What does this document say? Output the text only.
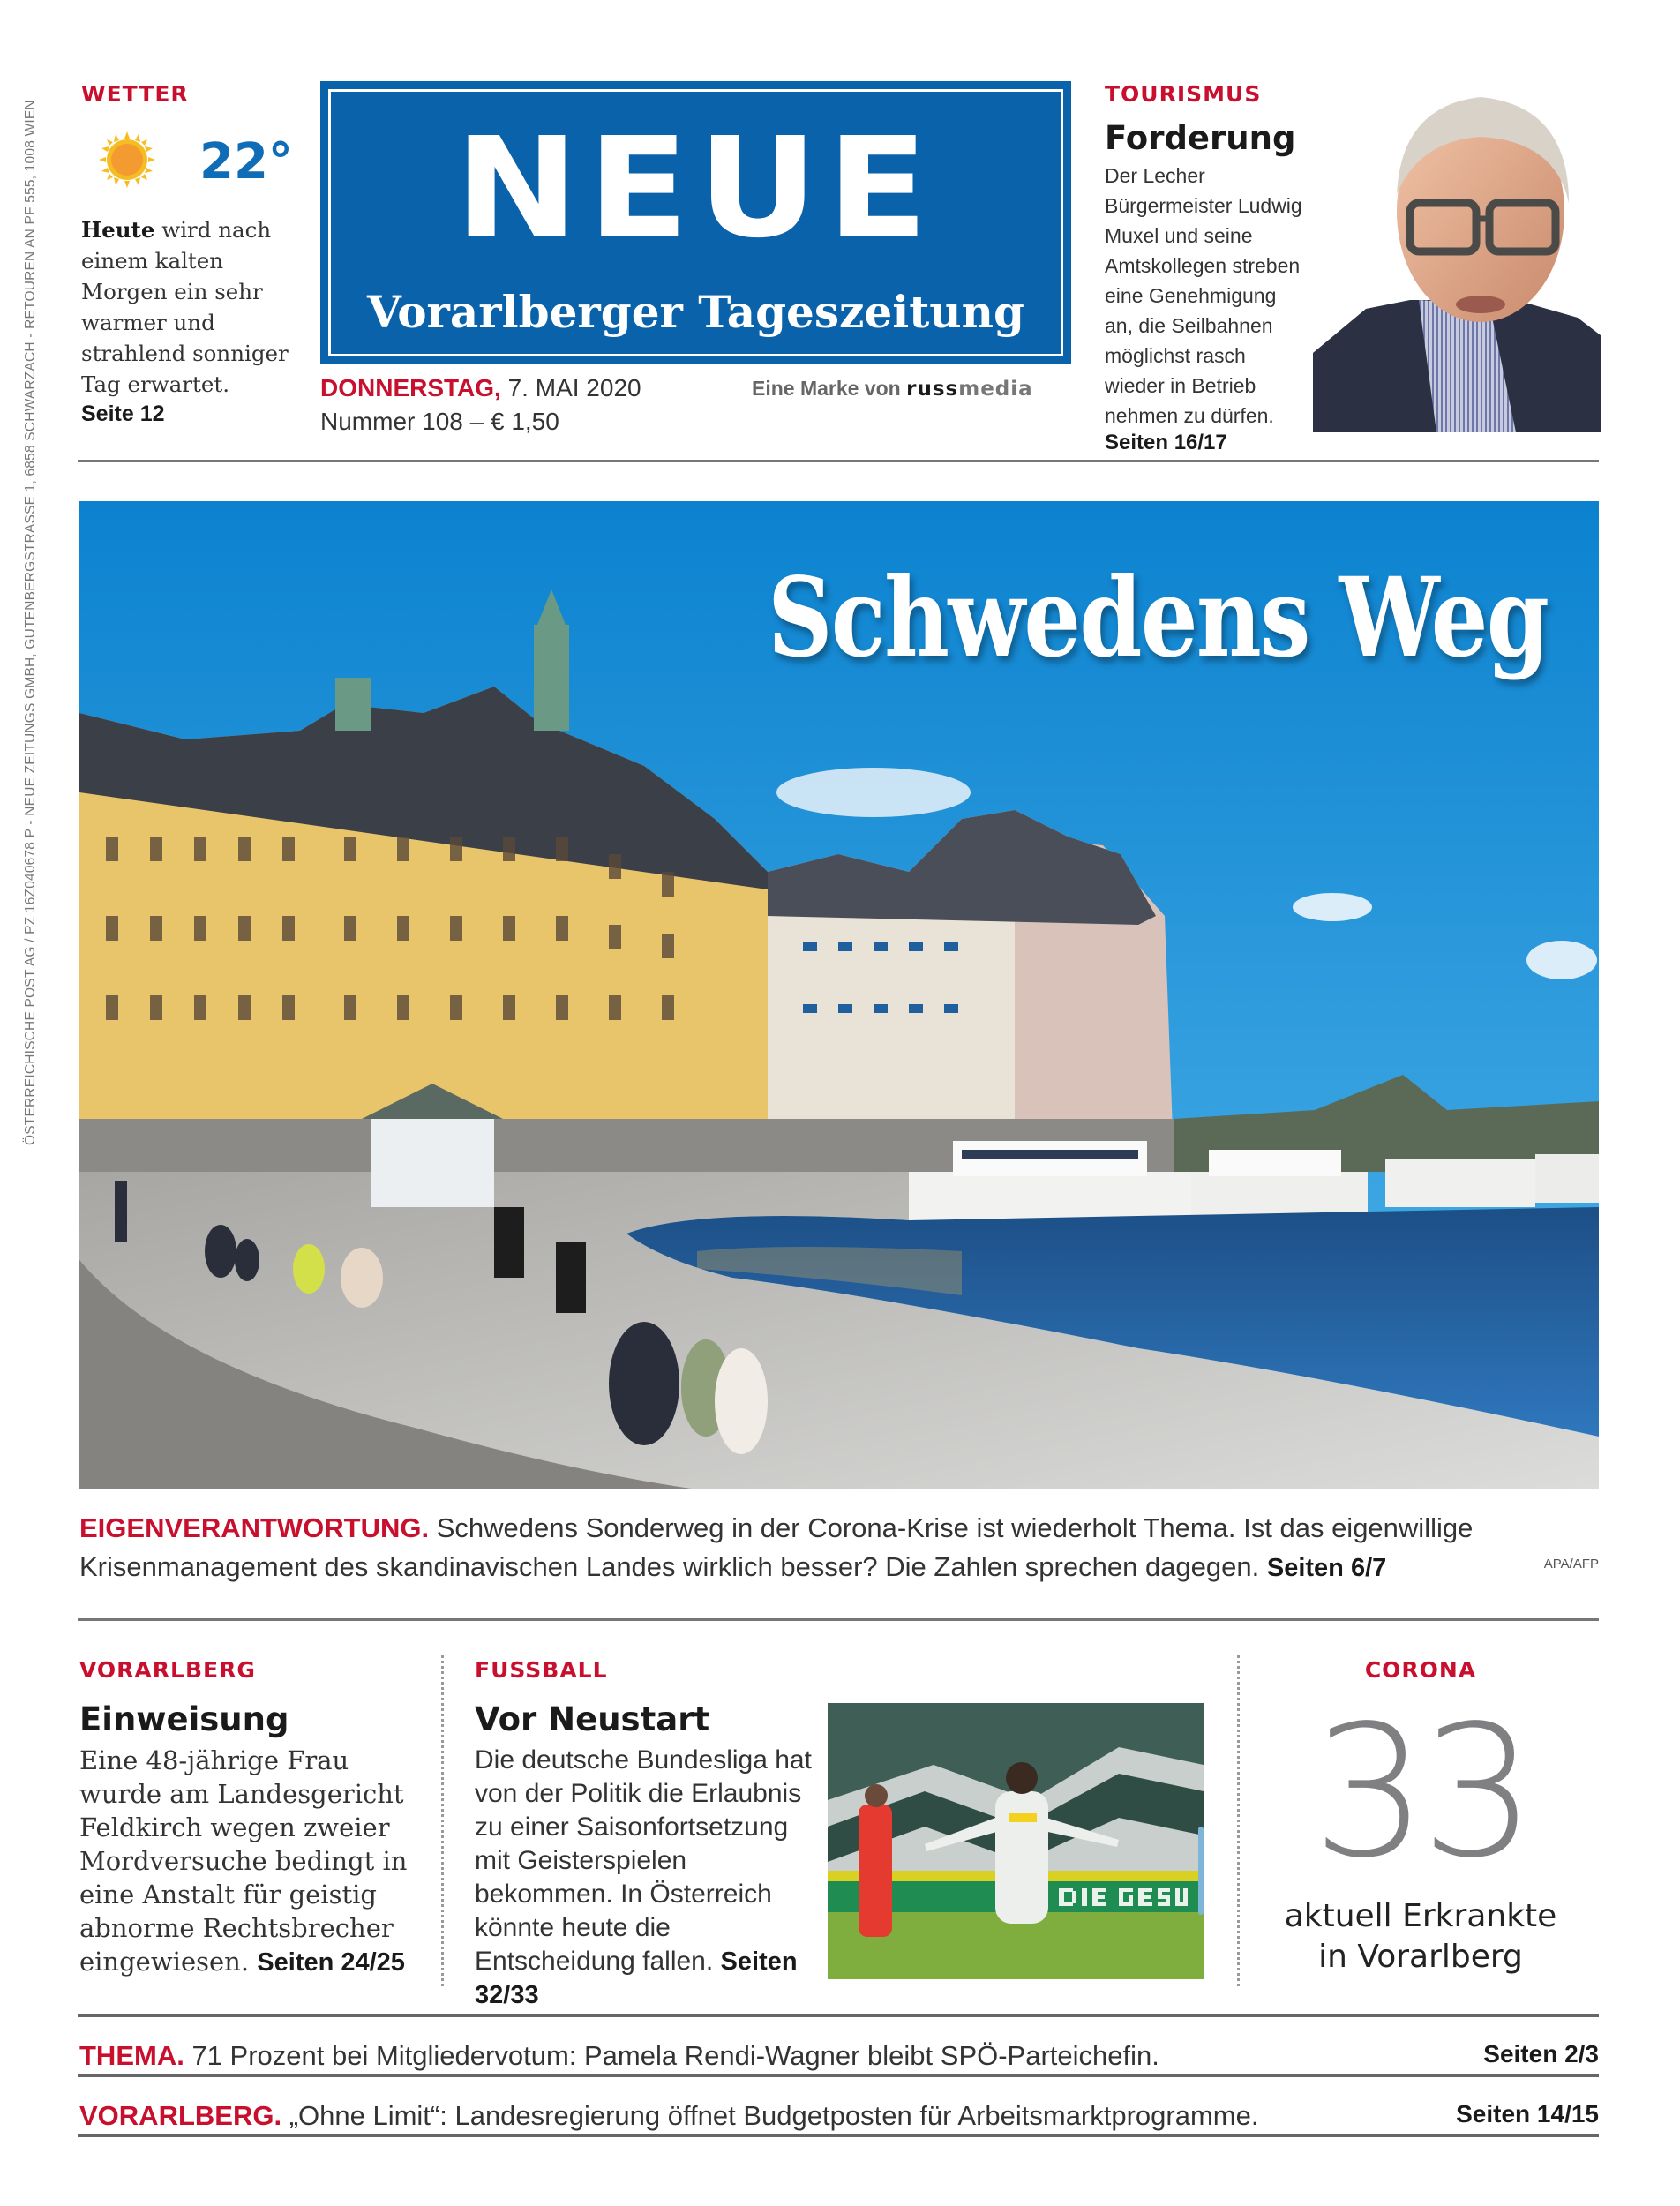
ÖSTERREICHISCHE POST AG / PZ 16Z040678 P - NEUE ZEITUNGS GMBH, GUTENBERGSTRASSE 1, 6858 SCHWARZACH - RETOUREN AN PF 555, 1008 WIEN
WETTER
22°

Heute wird nach einem kalten Morgen ein sehr warmer und strahlend sonniger Tag erwartet.

Seite 12
NEUE
Vorarlberger Tageszeitung
DONNERSTAG, 7. MAI 2020
Nummer 108 – € 1,50
Eine Marke von russmedia
TOURISMUS
Forderung

Der Lecher Bürgermeister Ludwig Muxel und seine Amtskollegen streben eine Genehmigung an, die Seilbahnen möglichst rasch wieder in Betrieb nehmen zu dürfen.

Seiten 16/17
Schwedens Weg

EIGENVERANTWORTUNG. Schwedens Sonderweg in der Corona-Krise ist wiederholt Thema. Ist das eigenwillige Krisenmanagement des skandinavischen Landes wirklich besser? Die Zahlen sprechen dagegen. Seiten 6/7	APA/AFP
VORARLBERG
Einweisung

Eine 48-jährige Frau wurde am Landesgericht Feldkirch wegen zweier Mordversuche bedingt in eine Anstalt für geistig abnorme Rechtsbrecher eingewiesen. Seiten 24/25

FUSSBALL
Vor Neustart

Die deutsche Bundesliga hat von der Politik die Erlaubnis zu einer Saisonfortsetzung mit Geisterspielen bekommen. In Österreich könnte heute die Entscheidung fallen. Seiten 32/33

CORONA
33
aktuell Erkrankte
in Vorarlberg
THEMA. 71 Prozent bei Mitgliedervotum: Pamela Rendi-Wagner bleibt SPÖ-Parteichefin.	Seiten 2/3
VORARLBERG. „Ohne Limit“: Landesregierung öffnet Budgetposten für Arbeitsmarktprogramme.	Seiten 14/15
